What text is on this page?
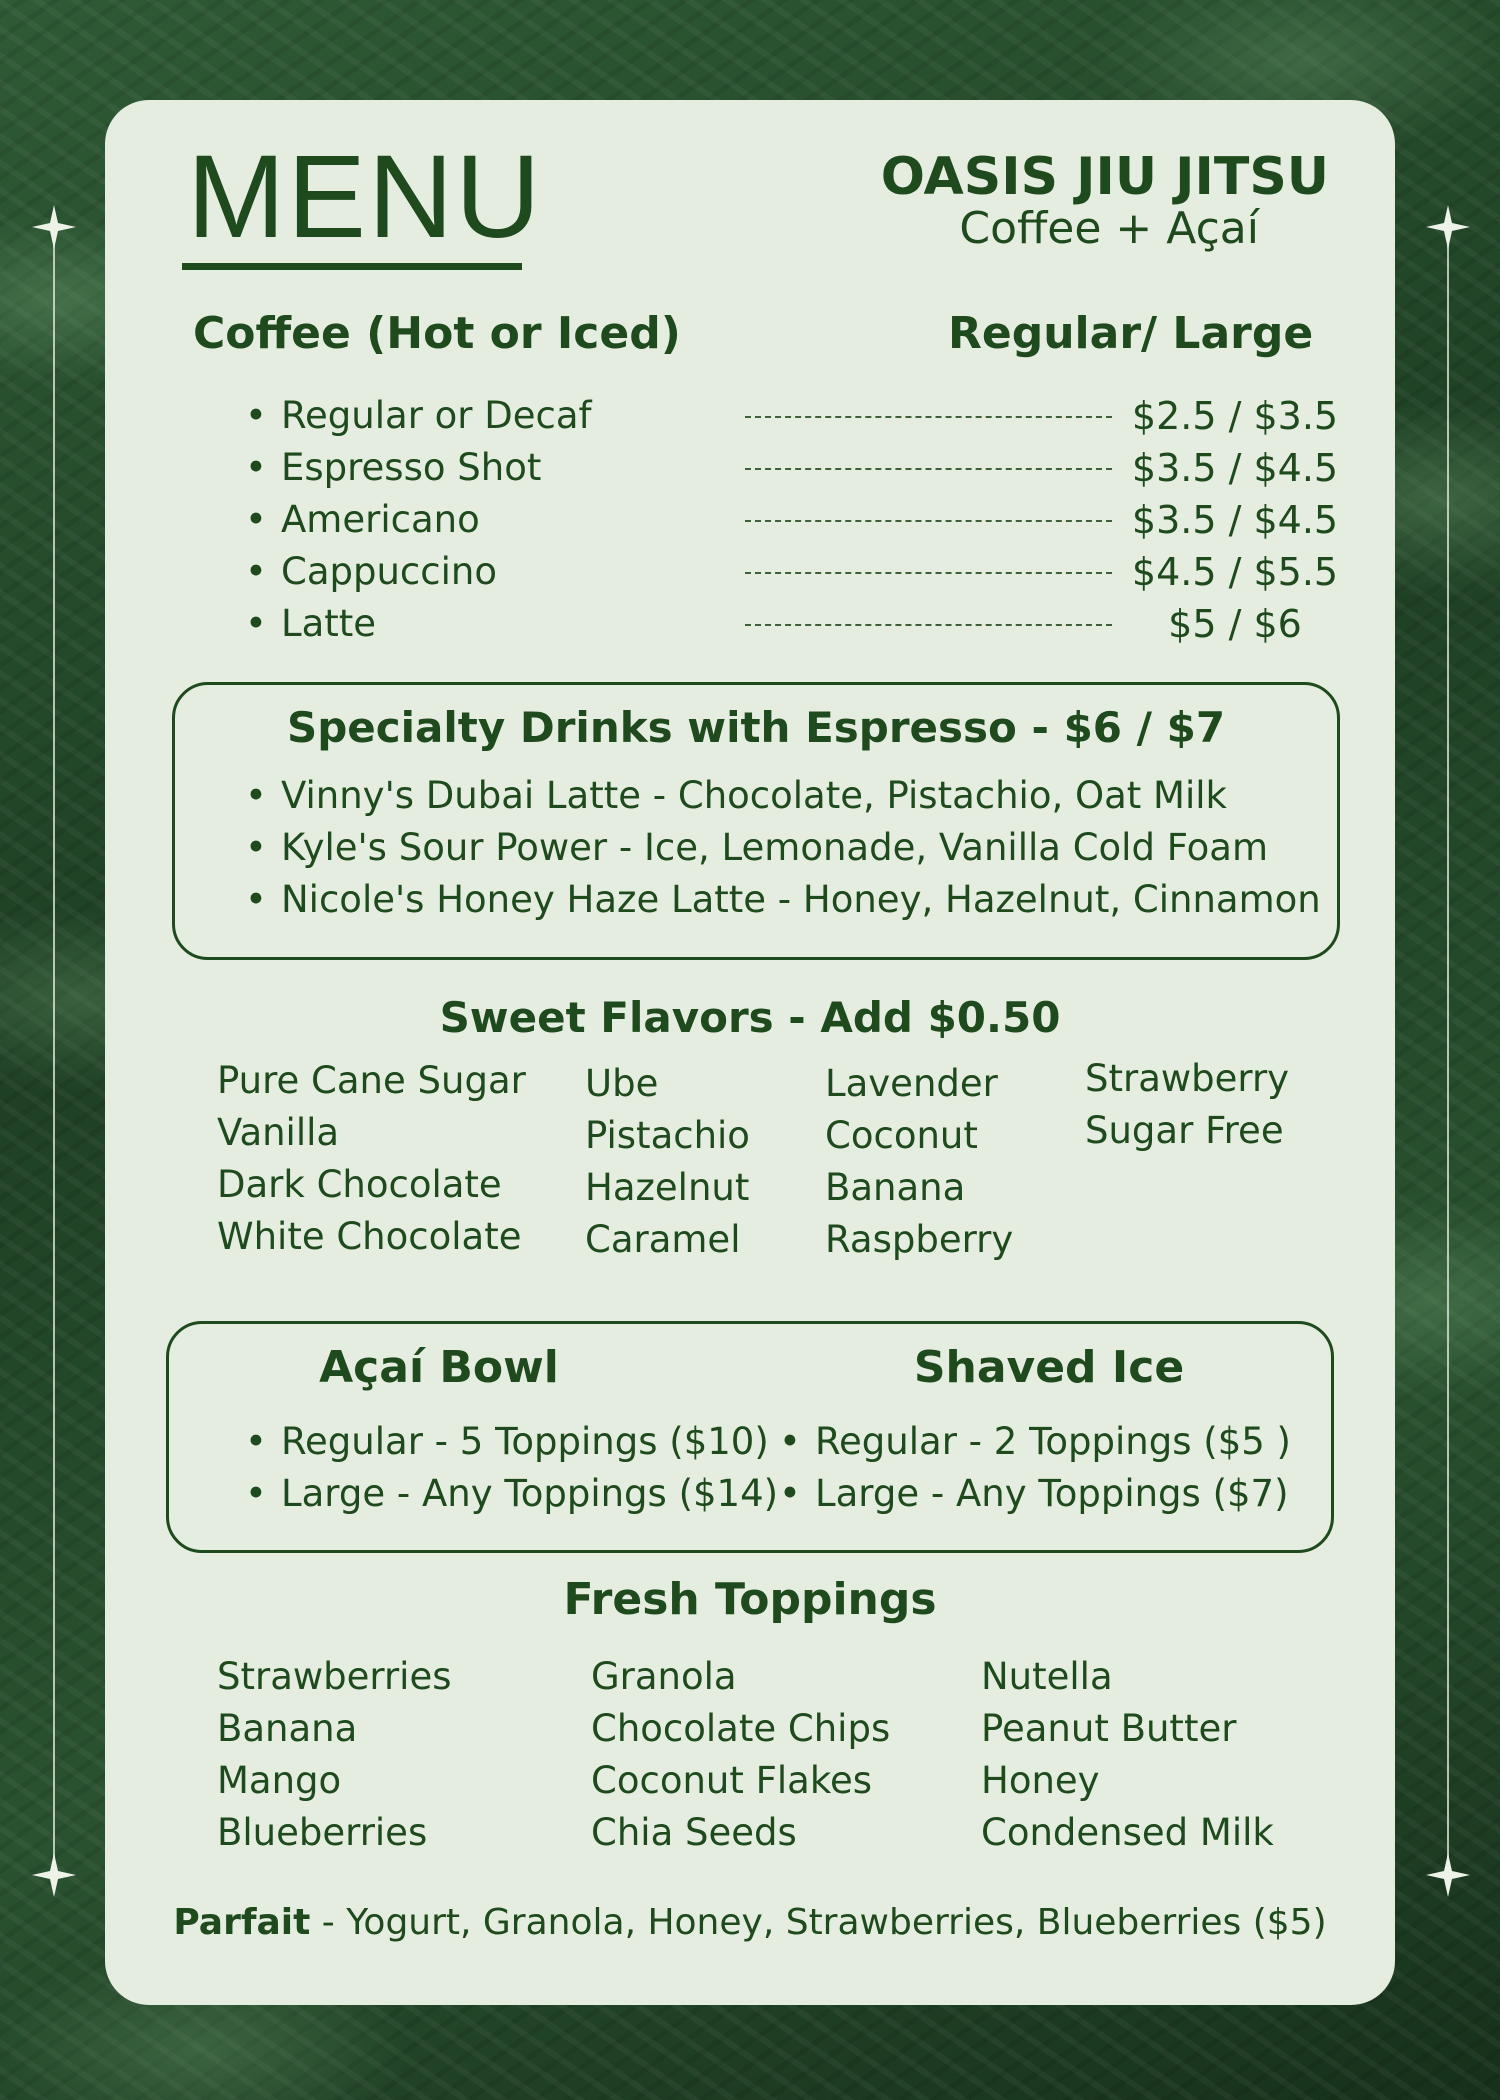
MENU	OASIS JIU JITSU
Coffee + Açaí
Coffee (Hot or Iced)	Regular/ Large
• Regular or Decaf	$2.5 / $3.5
• Espresso Shot	$3.5 / $4.5
• Americano	$3.5 / $4.5
• Cappuccino	$4.5 / $5.5
• Latte	$5 / $6
Specialty Drinks with Espresso - $6 / $7
• Vinny's Dubai Latte - Chocolate, Pistachio, Oat Milk
• Kyle's Sour Power - Ice, Lemonade, Vanilla Cold Foam
• Nicole's Honey Haze Latte - Honey, Hazelnut, Cinnamon
Sweet Flavors - Add $0.50
Pure Cane Sugar
Vanilla
Dark Chocolate
White Chocolate
Ube
Pistachio
Hazelnut
Caramel
Lavender
Coconut
Banana
Raspberry
Strawberry
Sugar Free
Açaí Bowl	Shaved Ice
• Regular - 5 Toppings ($10)
• Large - Any Toppings ($14)
• Regular - 2 Toppings ($5 )
• Large - Any Toppings ($7)
Fresh Toppings
Strawberries
Banana
Mango
Blueberries
Granola
Chocolate Chips
Coconut Flakes
Chia Seeds
Nutella
Peanut Butter
Honey
Condensed Milk
Parfait - Yogurt, Granola, Honey, Strawberries, Blueberries ($5)
